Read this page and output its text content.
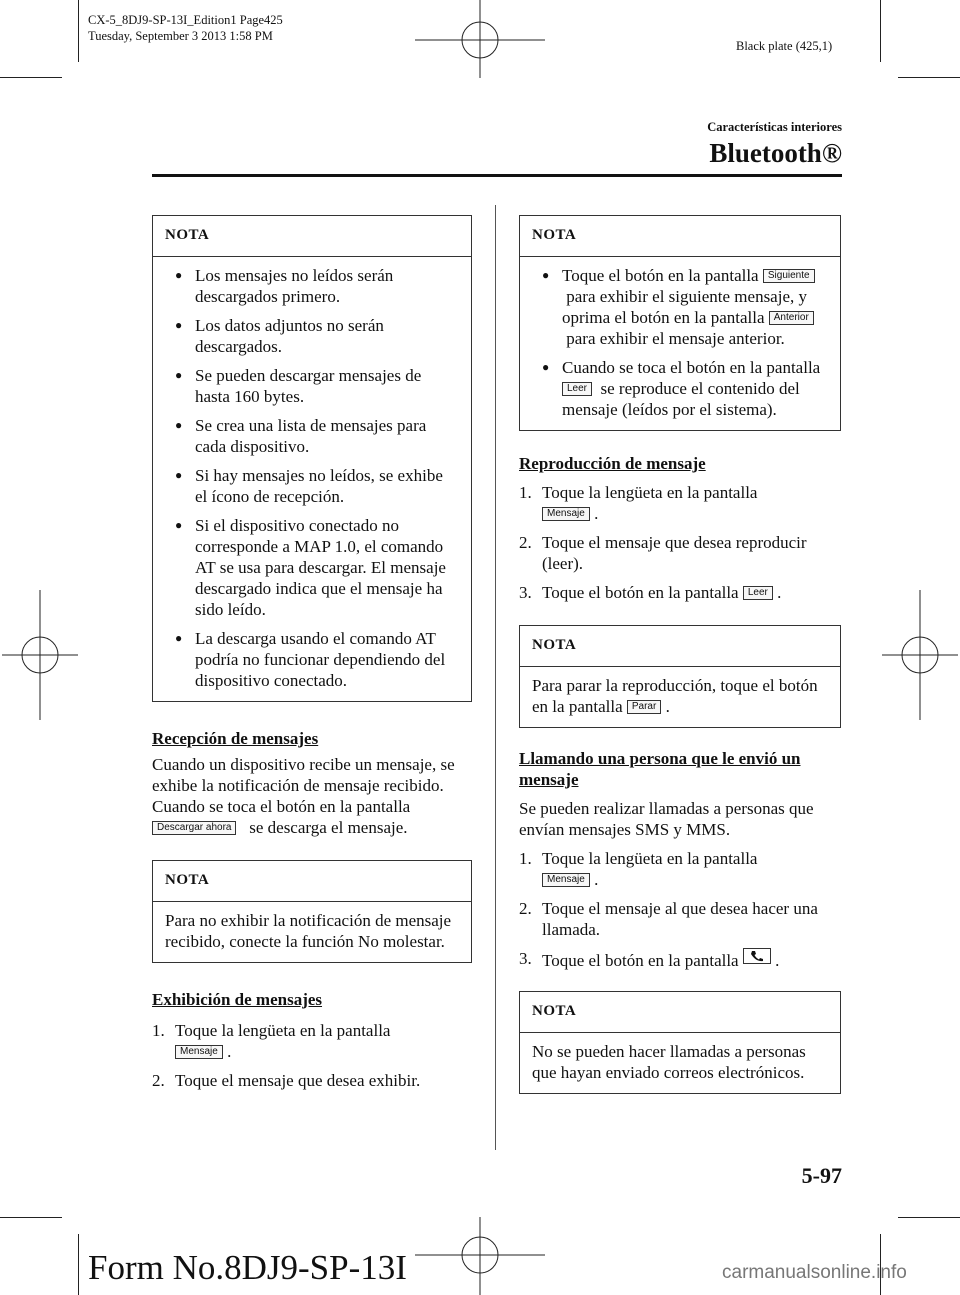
CX-5_8DJ9-SP-13I_Edition1 Page425
Tuesday, September 3 2013 1:58 PM
Black plate (425,1)
Características interiores
Bluetooth®
NOTA
● Los mensajes no leídos serán descargados primero.
● Los datos adjuntos no serán descargados.
● Se pueden descargar mensajes de hasta 160 bytes.
● Se crea una lista de mensajes para cada dispositivo.
● Si hay mensajes no leídos, se exhibe el ícono de recepción.
● Si el dispositivo conectado no corresponde a MAP 1.0, el comando AT se usa para descargar. El mensaje descargado indica que el mensaje ha sido leído.
● La descarga usando el comando AT podría no funcionar dependiendo del dispositivo conectado.

Recepción de mensajes

Cuando un dispositivo recibe un mensaje, se exhibe la notificación de mensaje recibido.

Cuando se toca el botón en la pantalla Descargar ahora se descarga el mensaje.

NOTA
Para no exhibir la notificación de mensaje recibido, conecte la función No molestar.

Exhibición de mensajes

1. Toque la lengüeta en la pantalla
Mensaje .
2. Toque el mensaje que desea exhibir.
NOTA
● Toque el botón en la pantalla Siguiente  para exhibir el siguiente mensaje, y oprima el botón en la pantalla Anterior  para exhibir el mensaje anterior.
● Cuando se toca el botón en la pantalla Leer se reproduce el contenido del mensaje (leídos por el sistema).

Reproducción de mensaje

1. Toque la lengüeta en la pantalla
Mensaje .
2. Toque el mensaje que desea reproducir (leer).
3. Toque el botón en la pantalla Leer .
NOTA
Para parar la reproducción, toque el botón en la pantalla Parar .

Llamando una persona que le envió un mensaje

Se pueden realizar llamadas a personas que envían mensajes SMS y MMS.

1. Toque la lengüeta en la pantalla
Mensaje .
2. Toque el mensaje al que desea hacer una llamada.
3. Toque el botón en la pantalla .
NOTA
No se pueden hacer llamadas a personas que hayan enviado correos electrónicos.
5-97
Form No.8DJ9-SP-13I	carmanualsonline.info
